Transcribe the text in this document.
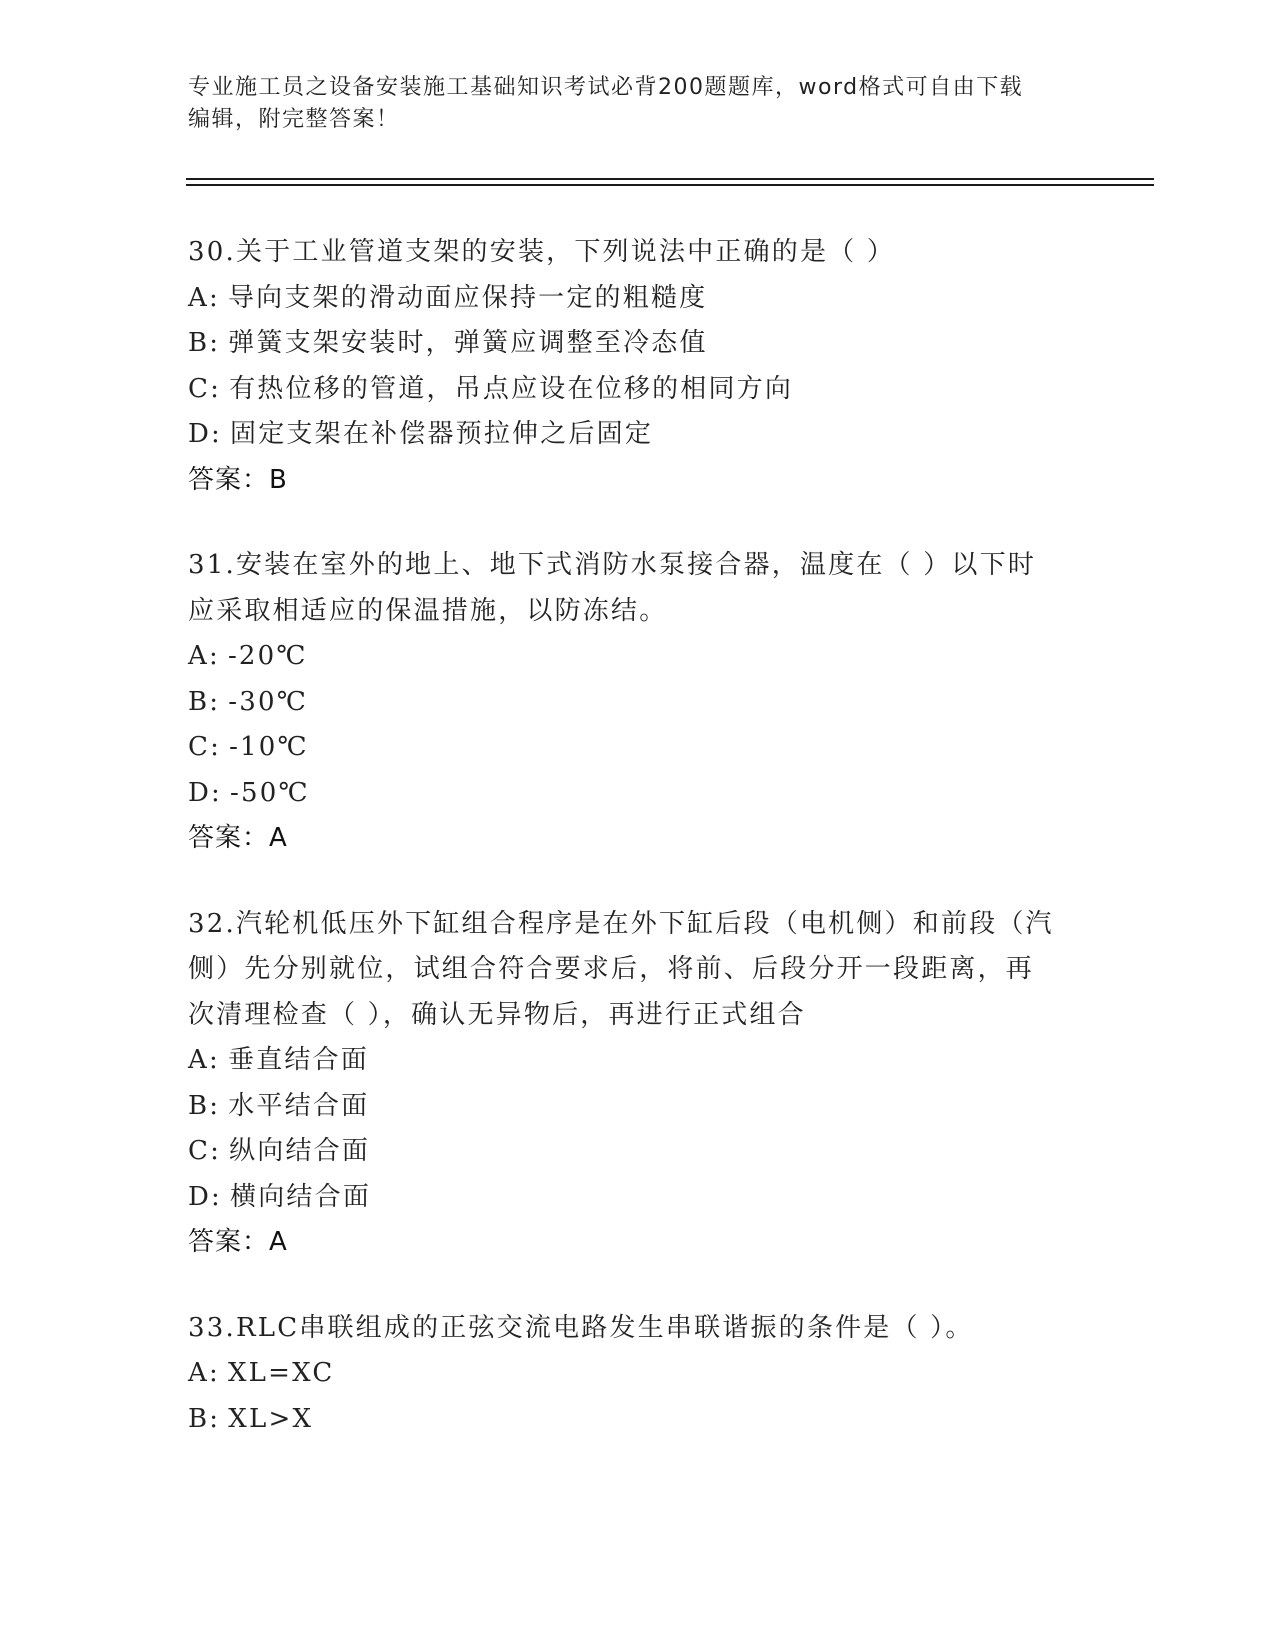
专业施工员之设备安装施工基础知识考试必背200题题库，word格式可自由下载
编辑，附完整答案！
30.关于工业管道支架的安装，下列说法中正确的是（ ）
A: 导向支架的滑动面应保持一定的粗糙度
B: 弹簧支架安装时，弹簧应调整至冷态值
C: 有热位移的管道，吊点应设在位移的相同方向
D: 固定支架在补偿器预拉伸之后固定
答案：B
31.安装在室外的地上、地下式消防水泵接合器，温度在（ ）以下时
应采取相适应的保温措施，以防冻结。
A: -20℃
B: -30℃
C: -10℃
D: -50℃
答案：A
32.汽轮机低压外下缸组合程序是在外下缸后段（电机侧）和前段（汽
侧）先分别就位，试组合符合要求后，将前、后段分开一段距离，再
次清理检查（ ），确认无异物后，再进行正式组合
A: 垂直结合面
B: 水平结合面
C: 纵向结合面
D: 横向结合面
答案：A
33.RLC串联组成的正弦交流电路发生串联谐振的条件是（ ）。
A: XL=XC
B: XL>X
